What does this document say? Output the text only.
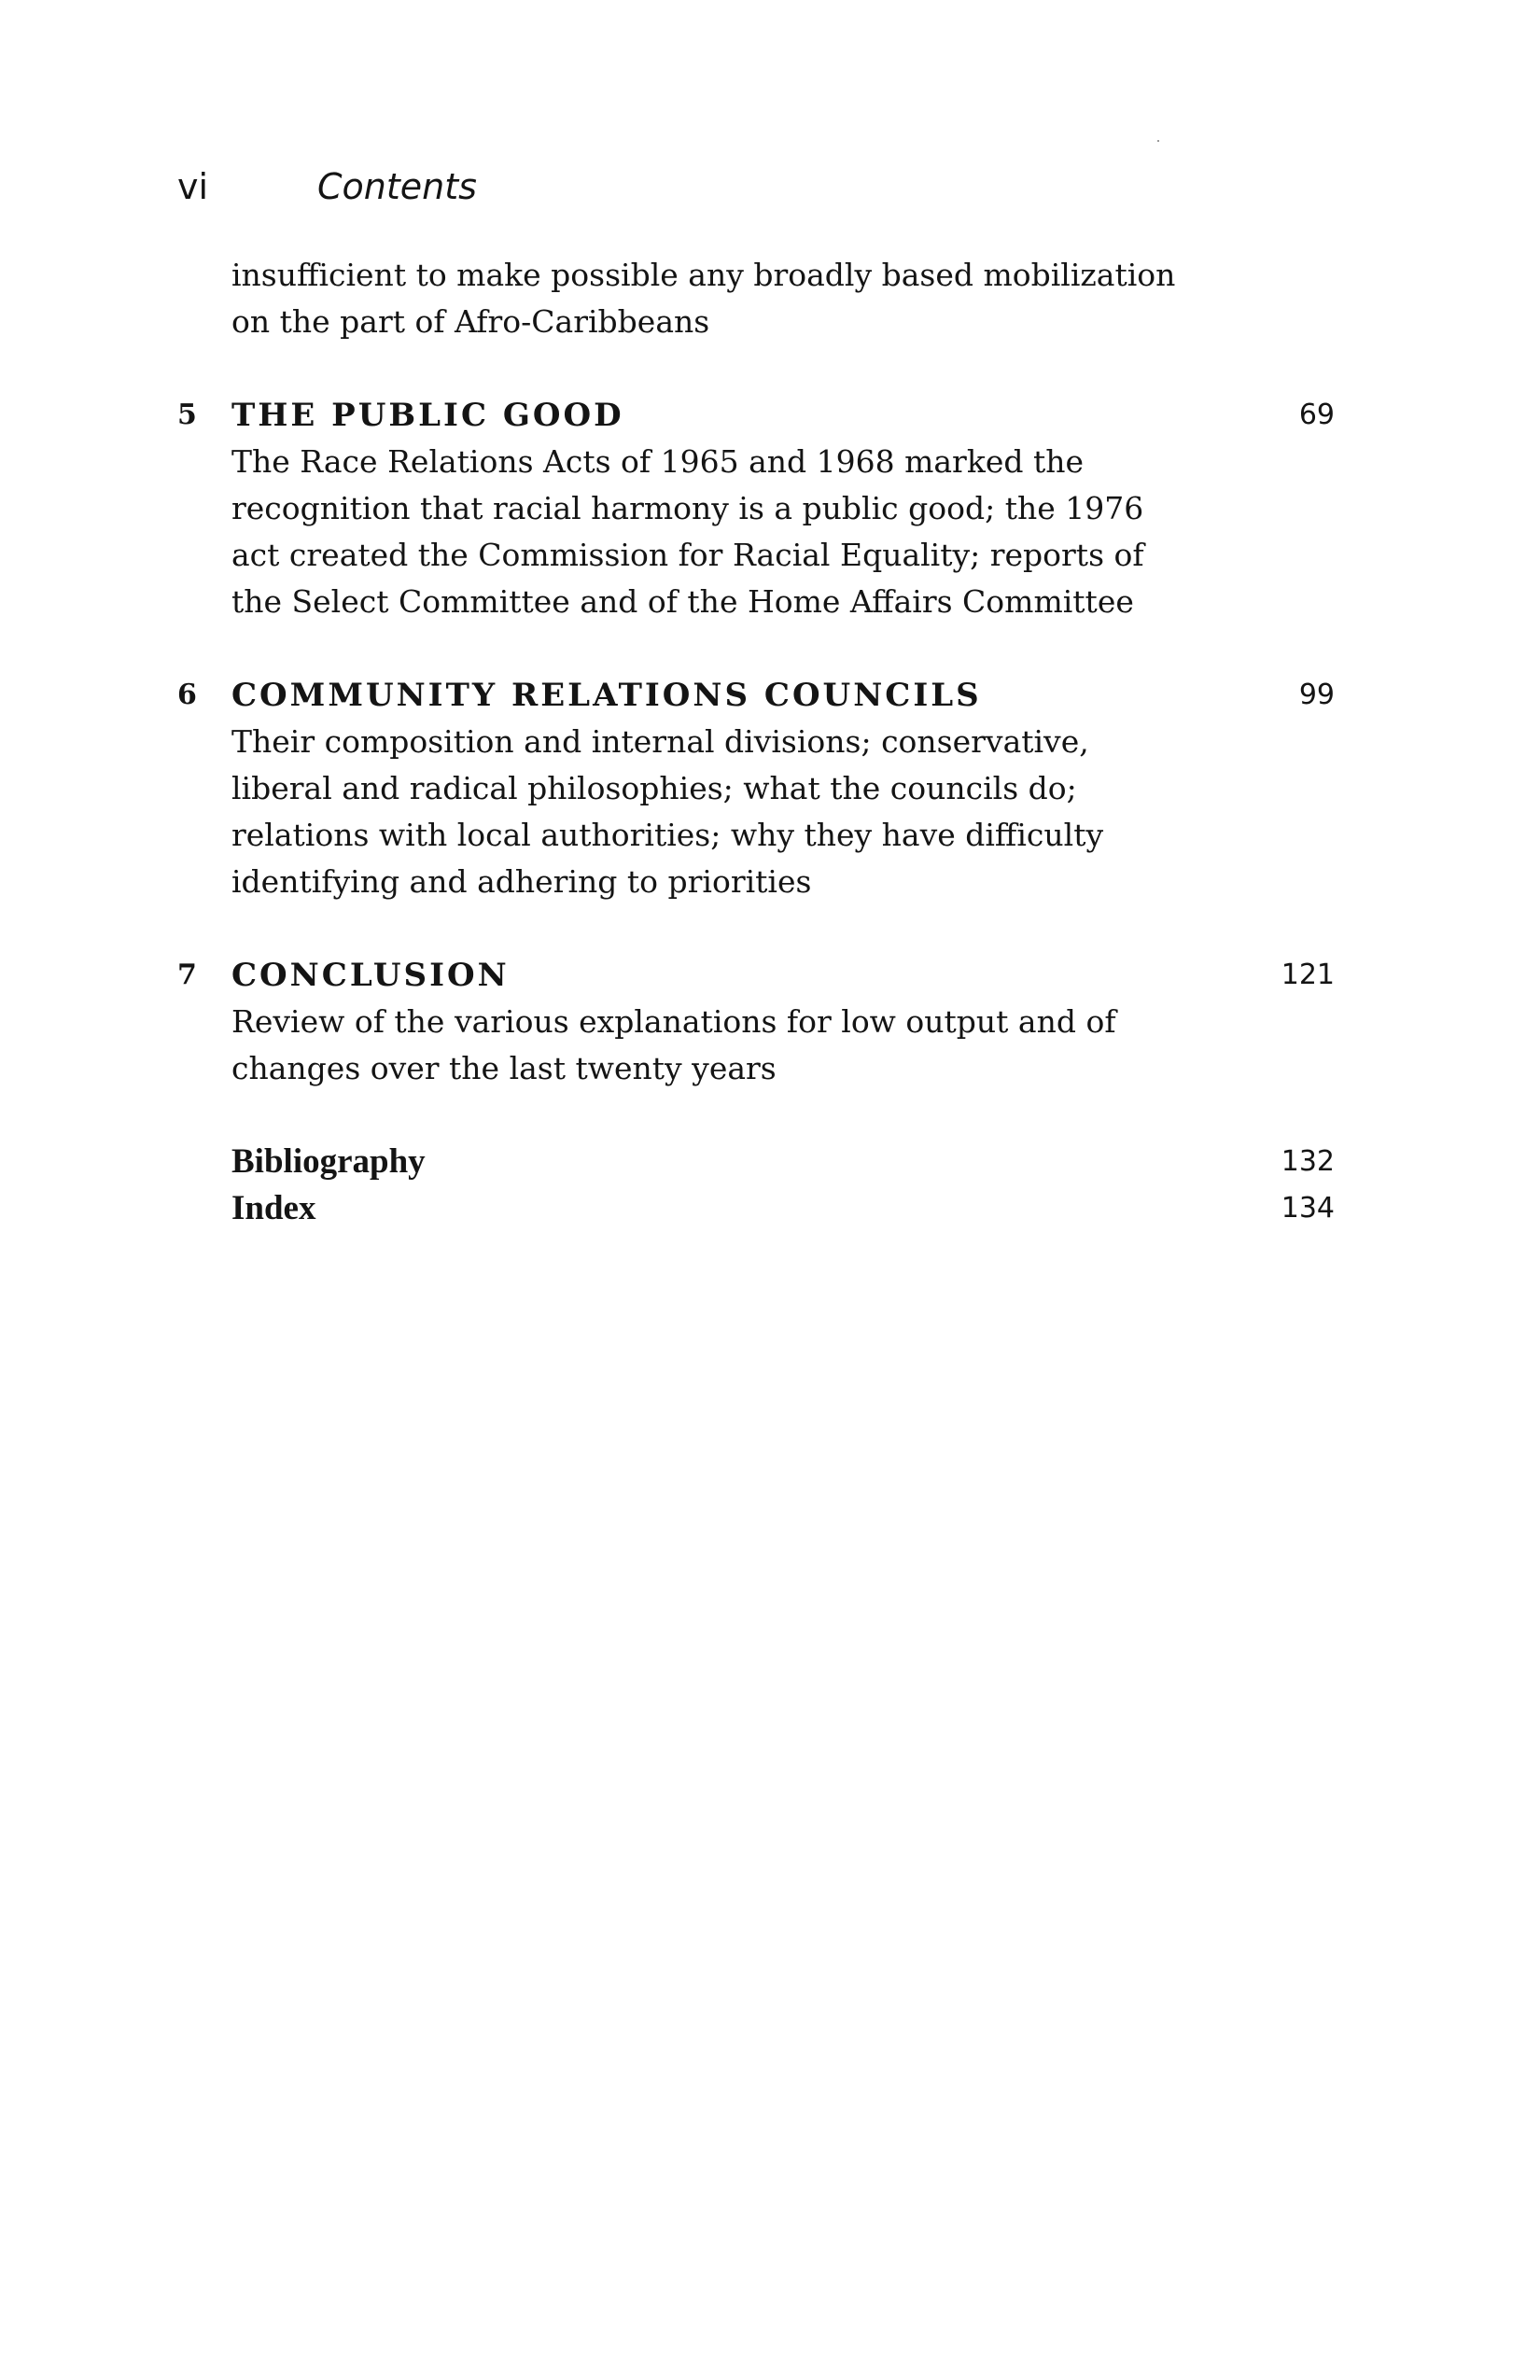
vi	Contents
insufficient to make possible any broadly based mobilization on the part of Afro-Caribbeans
5	THE PUBLIC GOOD	69
The Race Relations Acts of 1965 and 1968 marked the recognition that racial harmony is a public good; the 1976 act created the Commission for Racial Equality; reports of the Select Committee and of the Home Affairs Committee
6	COMMUNITY RELATIONS COUNCILS	99
Their composition and internal divisions; conservative, liberal and radical philosophies; what the councils do; relations with local authorities; why they have difficulty identifying and adhering to priorities
7	CONCLUSION	121
Review of the various explanations for low output and of changes over the last twenty years
Bibliography	132
Index	134
